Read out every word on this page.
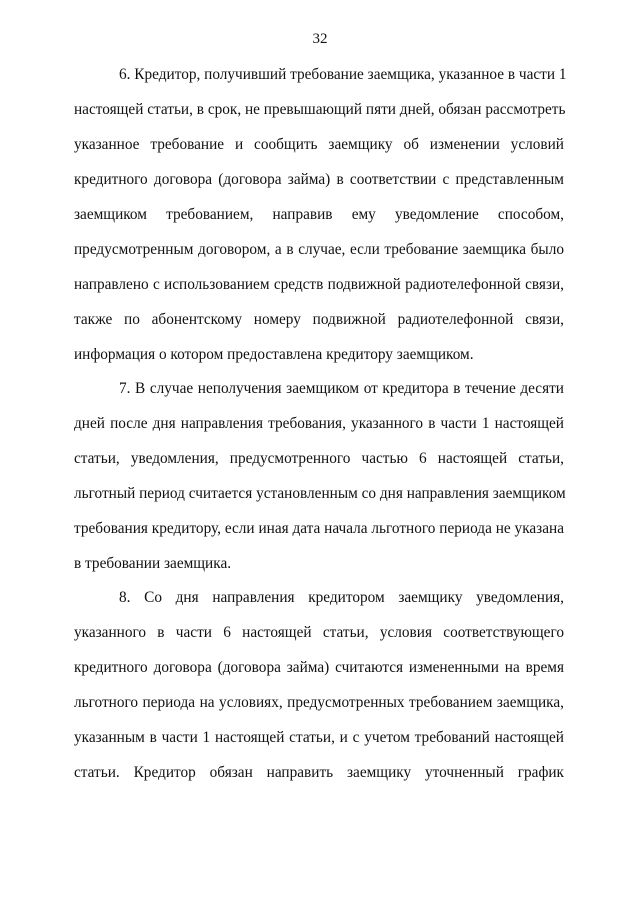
32
6. Кредитор, получивший требование заемщика, указанное в части 1
настоящей статьи, в срок, не превышающий пяти дней, обязан рассмотреть
указанное требование и сообщить заемщику об изменении условий
кредитного договора (договора займа) в соответствии с представленным
заемщиком требованием, направив ему уведомление способом,
предусмотренным договором, а в случае, если требование заемщика было
направлено с использованием средств подвижной радиотелефонной связи,
также по абонентскому номеру подвижной радиотелефонной связи,
информация о котором предоставлена кредитору заемщиком.
7. В случае неполучения заемщиком от кредитора в течение десяти
дней после дня направления требования, указанного в части 1 настоящей
статьи, уведомления, предусмотренного частью 6 настоящей статьи,
льготный период считается установленным со дня направления заемщиком
требования кредитору, если иная дата начала льготного периода не указана
в требовании заемщика.
8. Со дня направления кредитором заемщику уведомления,
указанного в части 6 настоящей статьи, условия соответствующего
кредитного договора (договора займа) считаются измененными на время
льготного периода на условиях, предусмотренных требованием заемщика,
указанным в части 1 настоящей статьи, и с учетом требований настоящей
статьи. Кредитор обязан направить заемщику уточненный график
